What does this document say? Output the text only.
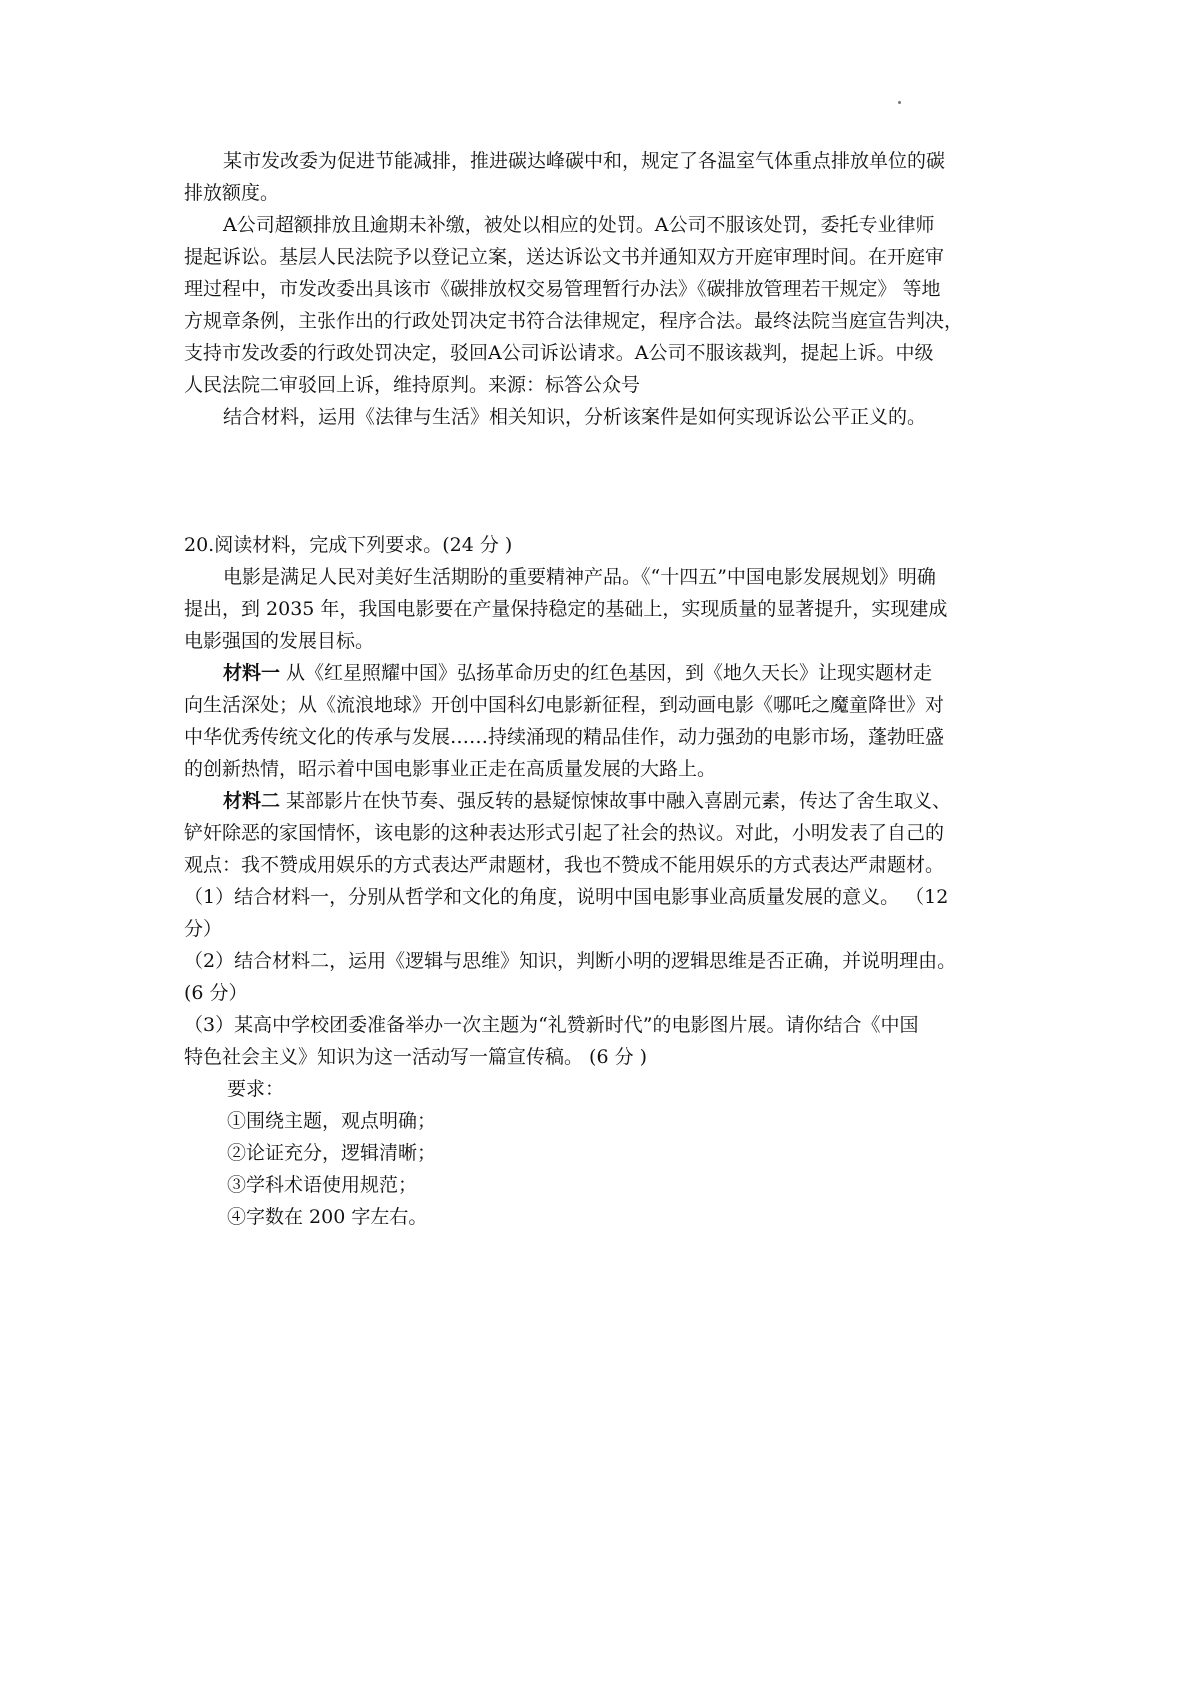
某市发改委为促进节能减排，推进碳达峰碳中和，规定了各温室气体重点排放单位的碳
排放额度。
A公司超额排放且逾期未补缴，被处以相应的处罚。A公司不服该处罚，委托专业律师
提起诉讼。基层人民法院予以登记立案，送达诉讼文书并通知双方开庭审理时间。在开庭审
理过程中，市发改委出具该市《碳排放权交易管理暂行办法》《碳排放管理若干规定》 等地
方规章条例，主张作出的行政处罚决定书符合法律规定，程序合法。最终法院当庭宣告判决，
支持市发改委的行政处罚决定，驳回A公司诉讼请求。A公司不服该裁判，提起上诉。中级
人民法院二审驳回上诉，维持原判。来源：标答公众号
结合材料，运用《法律与生活》相关知识，分析该案件是如何实现诉讼公平正义的。
20.阅读材料，完成下列要求。(24 分 )
电影是满足人民对美好生活期盼的重要精神产品。《“十四五”中国电影发展规划》明确
提出，到 2035 年，我国电影要在产量保持稳定的基础上，实现质量的显著提升，实现建成
电影强国的发展目标。
材料一 从《红星照耀中国》弘扬革命历史的红色基因，到《地久天长》让现实题材走
向生活深处；从《流浪地球》开创中国科幻电影新征程，到动画电影《哪吒之魔童降世》对
中华优秀传统文化的传承与发展……持续涌现的精品佳作，动力强劲的电影市场，蓬勃旺盛
的创新热情，昭示着中国电影事业正走在高质量发展的大路上。
材料二 某部影片在快节奏、强反转的悬疑惊悚故事中融入喜剧元素，传达了舍生取义、
铲奸除恶的家国情怀，该电影的这种表达形式引起了社会的热议。对此，小明发表了自己的
观点：我不赞成用娱乐的方式表达严肃题材，我也不赞成不能用娱乐的方式表达严肃题材。
（1）结合材料一，分别从哲学和文化的角度，说明中国电影事业高质量发展的意义。 （12
分）
（2）结合材料二，运用《逻辑与思维》知识，判断小明的逻辑思维是否正确，并说明理由。
(6 分）
（3）某高中学校团委准备举办一次主题为“礼赞新时代”的电影图片展。请你结合《中国
特色社会主义》知识为这一活动写一篇宣传稿。 (6 分 )
要求：
①围绕主题，观点明确；
②论证充分，逻辑清晰；
③学科术语使用规范；
④字数在 200 字左右。
